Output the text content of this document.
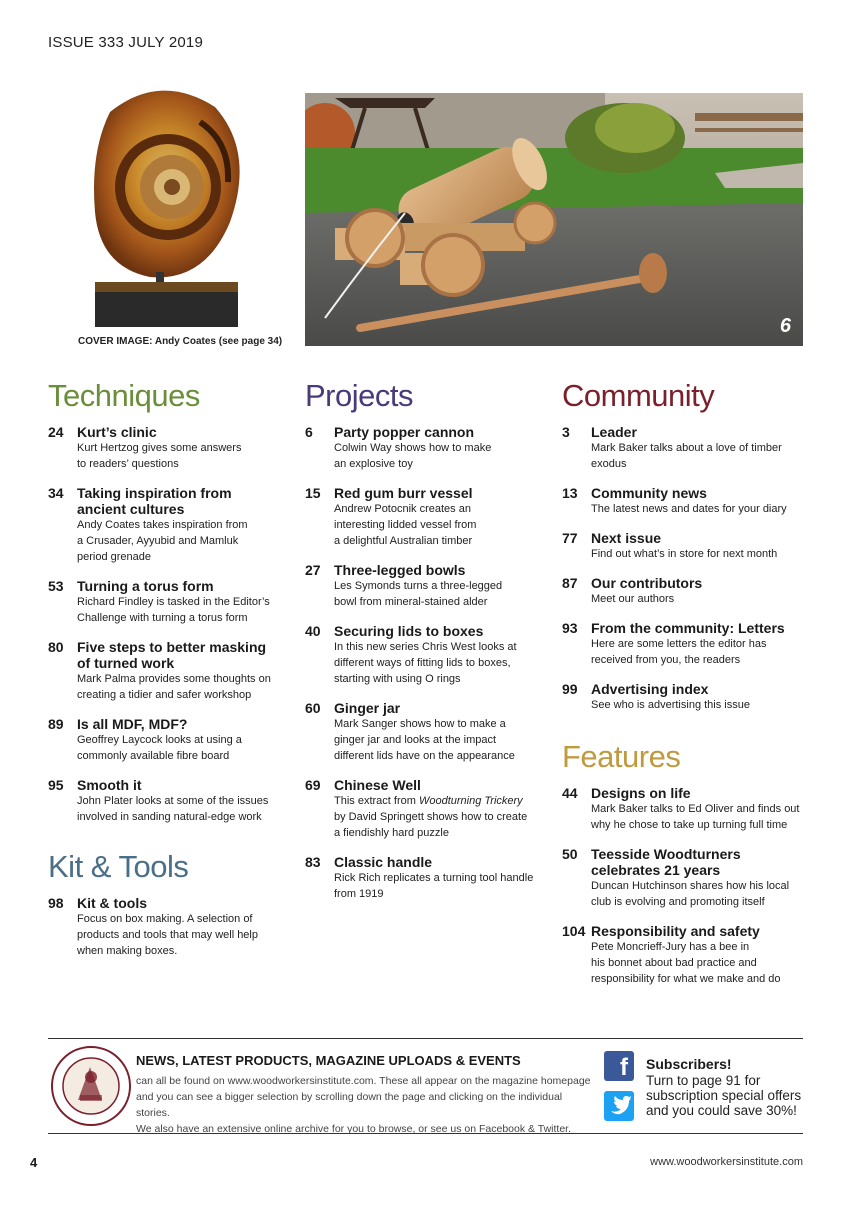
ISSUE 333 JULY 2019
COVER IMAGE: Andy Coates (see page 34)
6
Techniques
24 Kurt’s clinic
Kurt Hertzog gives some answers
to readers’ questions
34 Taking inspiration from
ancient cultures
Andy Coates takes inspiration from
a Crusader, Ayyubid and Mamluk
period grenade
53 Turning a torus form
Richard Findley is tasked in the Editor’s
Challenge with turning a torus form
80 Five steps to better masking
of turned work
Mark Palma provides some thoughts on
creating a tidier and safer workshop
89 Is all MDF, MDF?
Geoffrey Laycock looks at using a
commonly available fibre board
95 Smooth it
John Plater looks at some of the issues
involved in sanding natural-edge work
Kit & Tools
98 Kit & tools
Focus on box making. A selection of
products and tools that may well help
when making boxes.
Projects
6	Party popper cannon
Colwin Way shows how to make
an explosive toy
15 Red gum burr vessel
Andrew Potocnik creates an
interesting lidded vessel from
a delightful Australian timber
27 Three-legged bowls
Les Symonds turns a three-legged
bowl from mineral-stained alder
40 Securing lids to boxes
In this new series Chris West looks at
different ways of fitting lids to boxes,
starting with using O rings
60 Ginger jar
Mark Sanger shows how to make a
ginger jar and looks at the impact
different lids have on the appearance
69 Chinese Well
This extract from Woodturning Trickery
by David Springett shows how to create
a fiendishly hard puzzle
83 Classic handle
Rick Rich replicates a turning tool handle
from 1919
Community
3	Leader
Mark Baker talks about a love of timber
exodus
13 Community news
The latest news and dates for your diary
77 Next issue
Find out what’s in store for next month
87 Our contributors
Meet our authors
93 From the community: Letters
Here are some letters the editor has
received from you, the readers
99 Advertising index
See who is advertising this issue
Features
44 Designs on life
Mark Baker talks to Ed Oliver and finds out
why he chose to take up turning full time
50 Teesside Woodturners
celebrates 21 years
Duncan Hutchinson shares how his local
club is evolving and promoting itself
104 Responsibility and safety
Pete Moncrieff-Jury has a bee in
his bonnet about bad practice and
responsibility for what we make and do
NEWS, LATEST PRODUCTS, MAGAZINE UPLOADS & EVENTS
can all be found on www.woodworkersinstitute.com. These all appear on the magazine homepage
and you can see a bigger selection by scrolling down the page and clicking on the individual stories.
We also have an extensive online archive for you to browse, or see us on Facebook & Twitter.
f	Subscribers!
Turn to page 91 for
subscription special offers
and you could save 30%!
4	www.woodworkersinstitute.com
